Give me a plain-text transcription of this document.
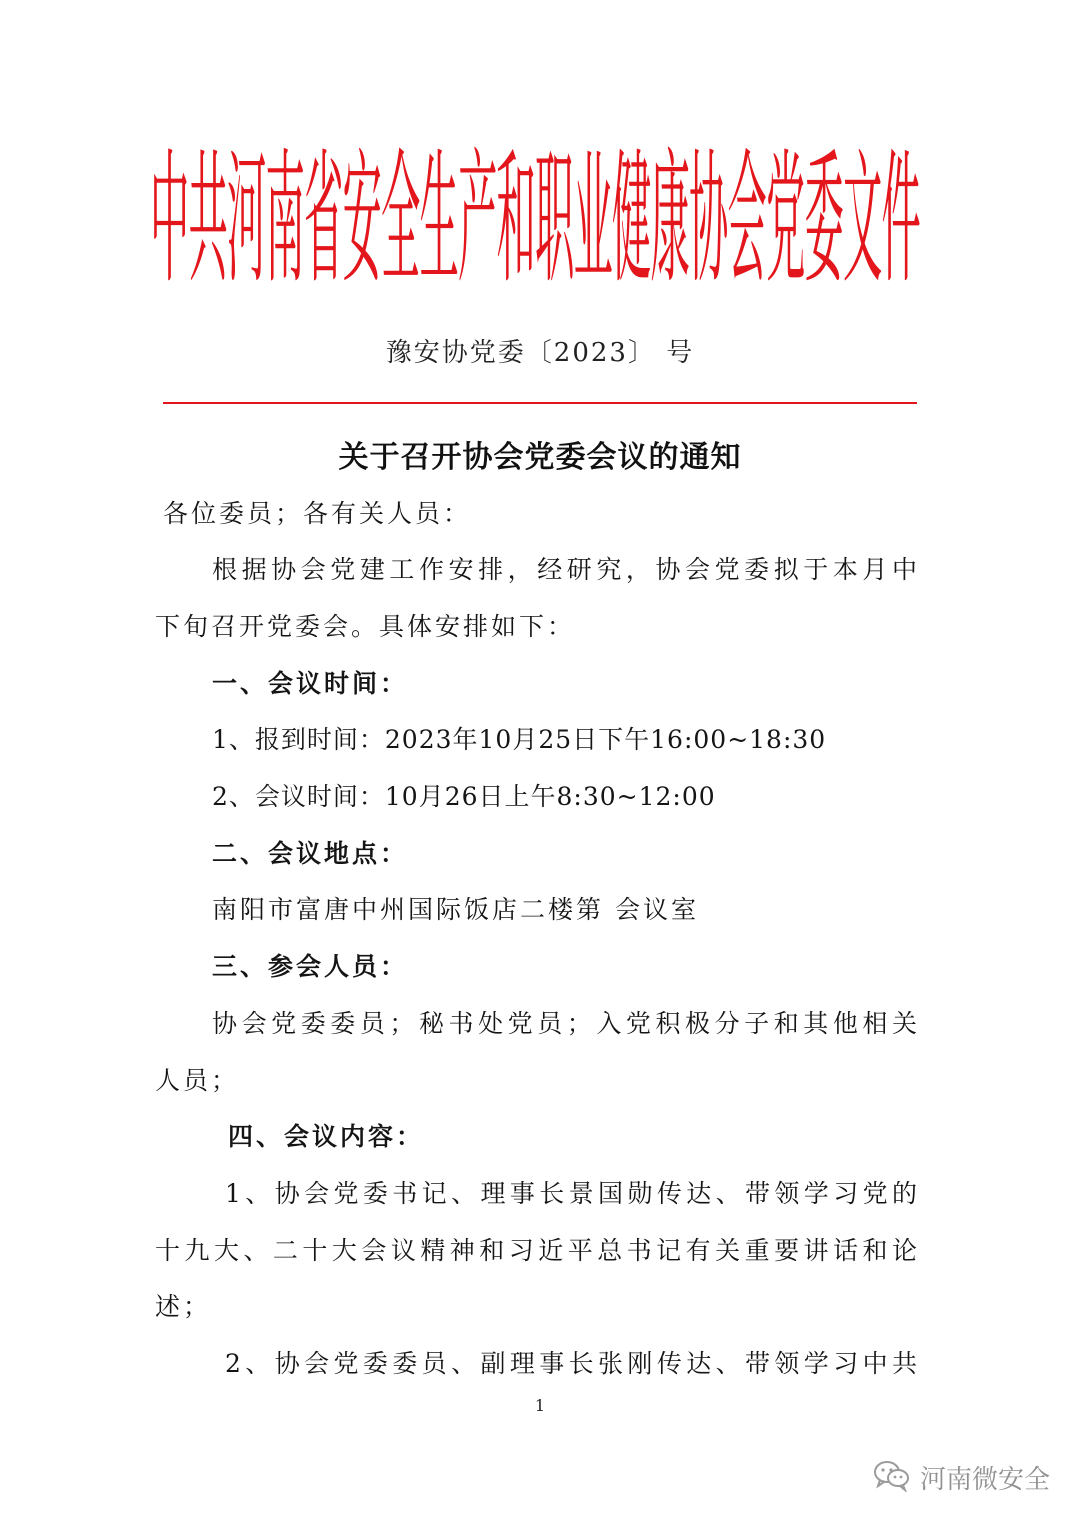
中共河南省安全生产和职业健康协会党委文件
豫安协党委〔2023〕 号
关于召开协会党委会议的通知
各位委员；各有关人员：
根据协会党建工作安排，经研究，协会党委拟于本月中
下旬召开党委会。具体安排如下：
一、会议时间：
1、报到时间：2023年10月25日下午16:00~18:30
2、会议时间：10月26日上午8:30~12:00
二、会议地点：
南阳市富唐中州国际饭店二楼第 会议室
三、参会人员：
协会党委委员；秘书处党员；入党积极分子和其他相关
人员；
四、会议内容：
1、协会党委书记、理事长景国勋传达、带领学习党的
十九大、二十大会议精神和习近平总书记有关重要讲话和论
述；
2、协会党委委员、副理事长张刚传达、带领学习中共
1
河南微安全
